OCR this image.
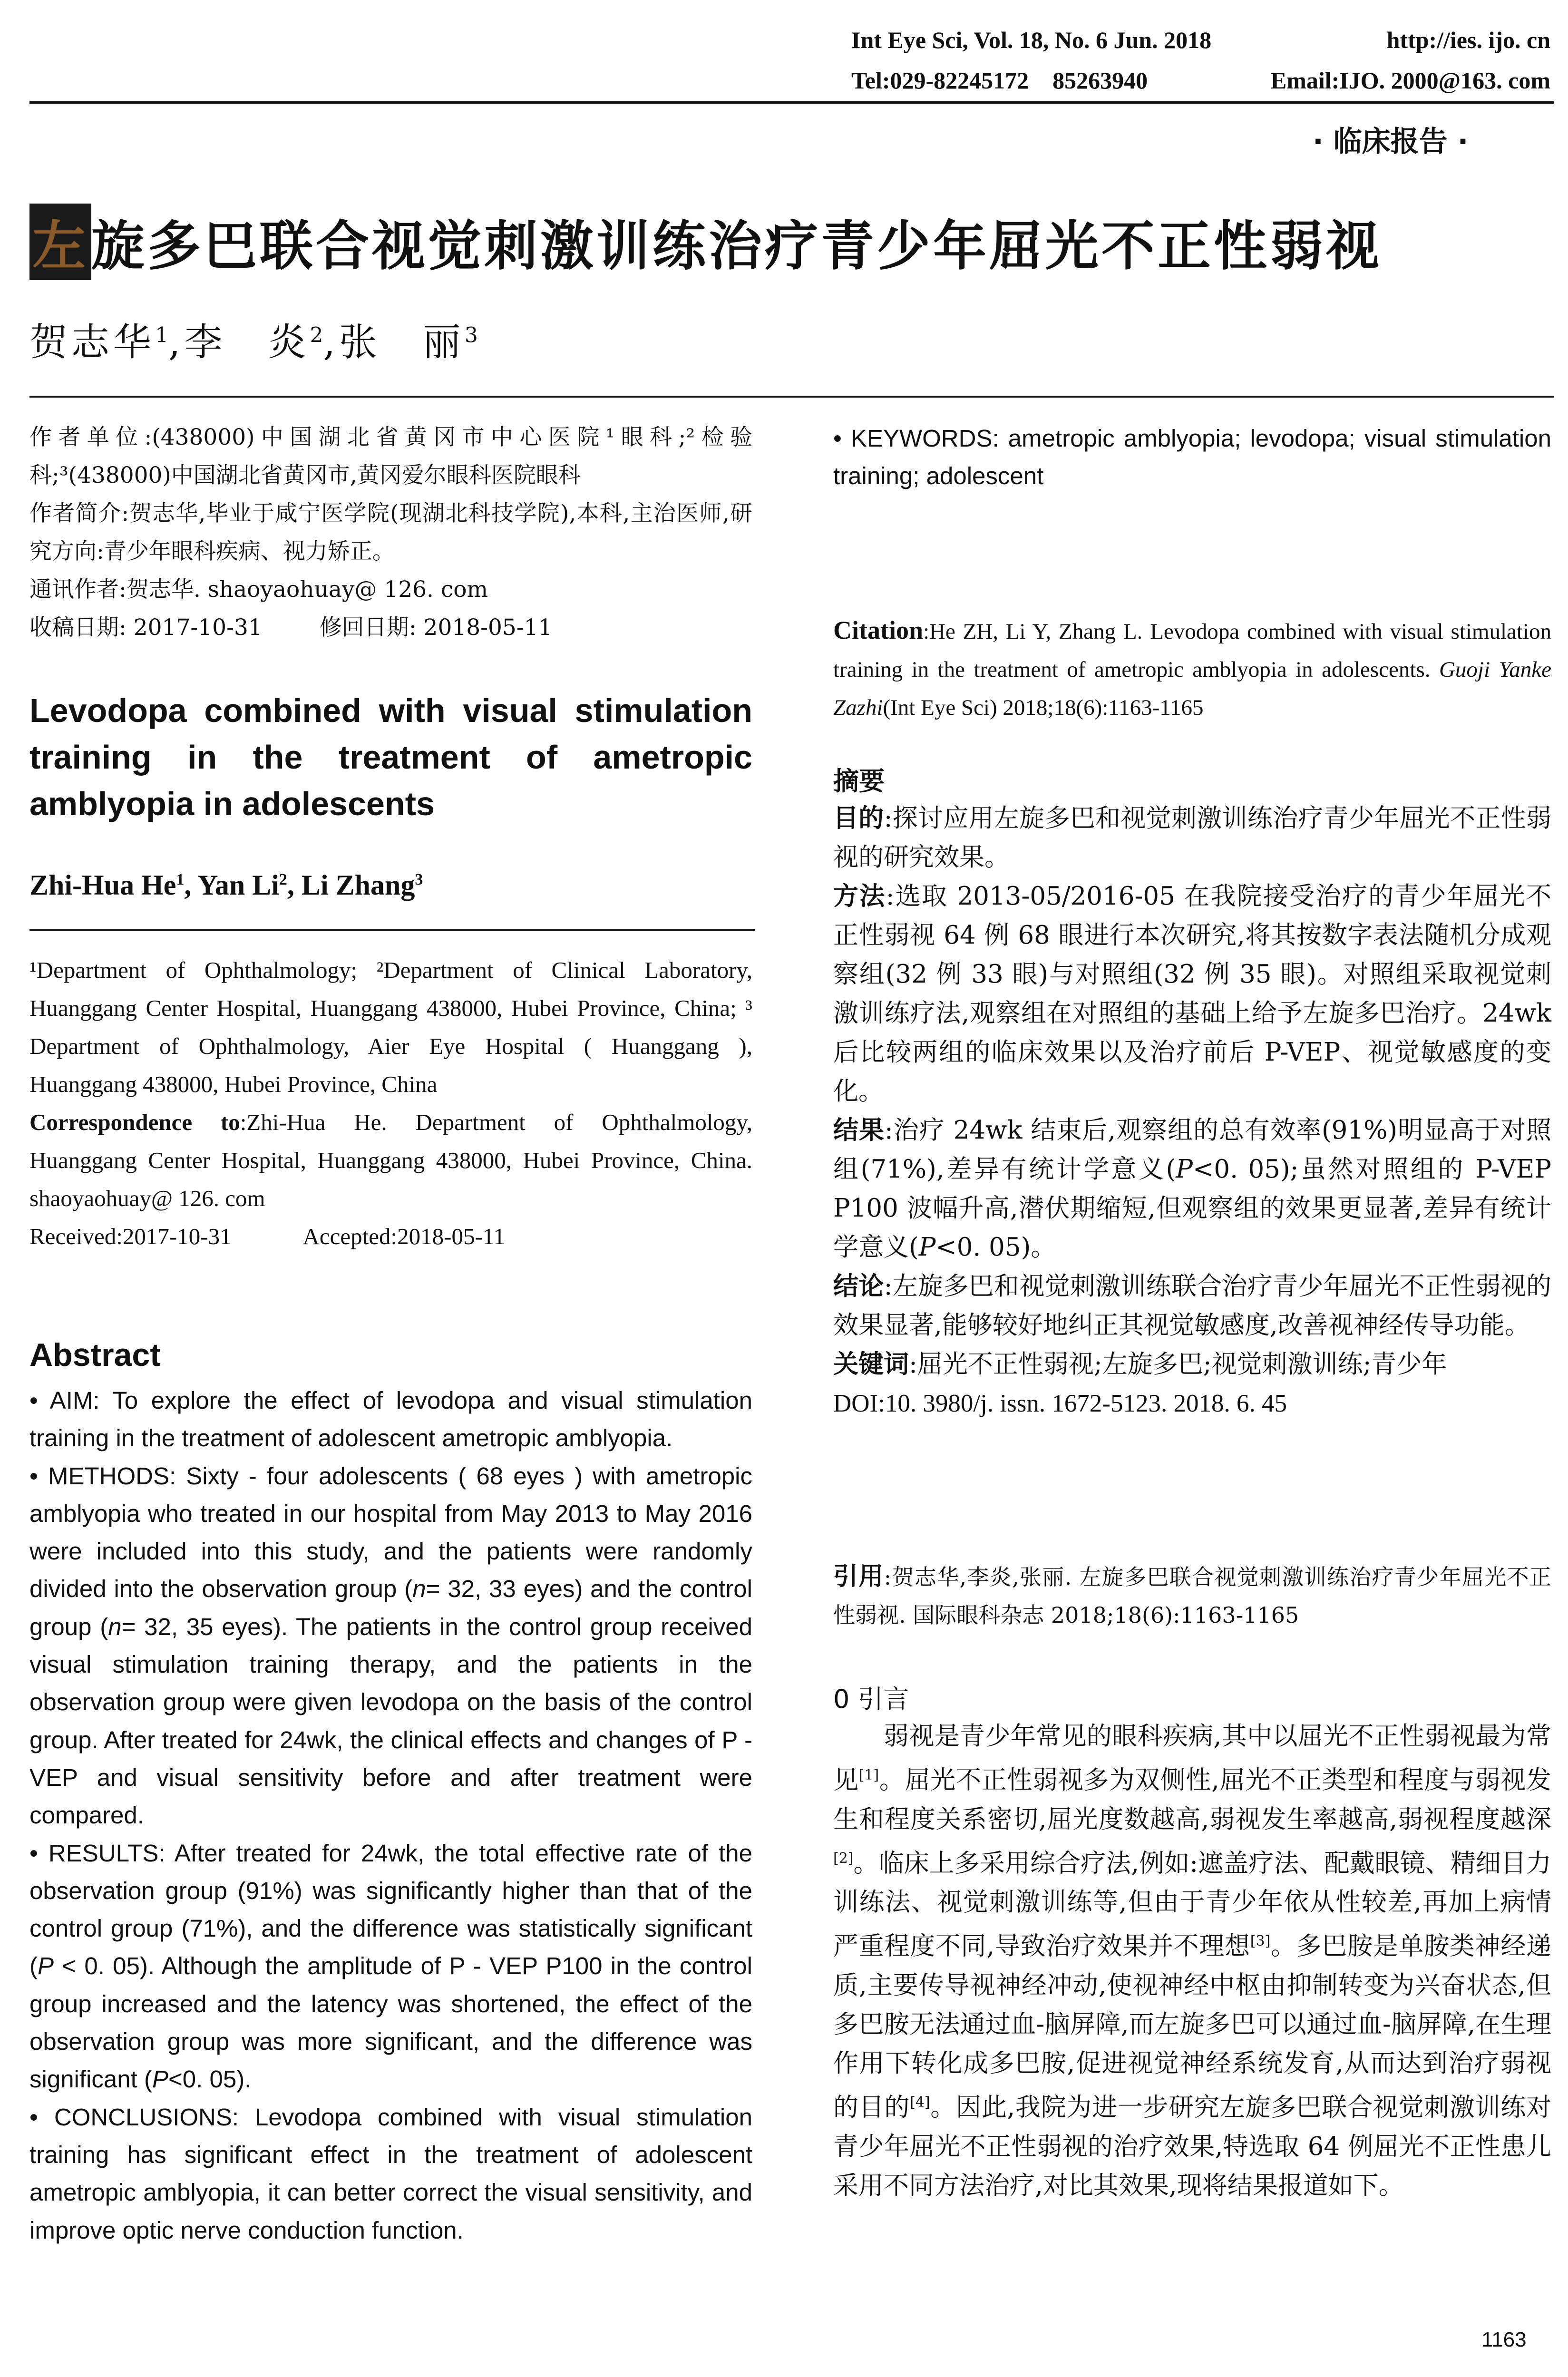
Int Eye Sci, Vol. 18, No. 6 Jun. 2018	http://ies. ijo. cn
Tel:029-82245172    85263940	Email:IJO. 2000@163. com
· 临床报告 ·
左旋多巴联合视觉刺激训练治疗青少年屈光不正性弱视
贺志华$^1$,李　炎$^2$,张　丽$^3$

作者单位:(438000)中国湖北省黄冈市中心医院¹眼科;²检验科;³(438000)中国湖北省黄冈市,黄冈爱尔眼科医院眼科

作者简介:贺志华,毕业于咸宁医学院(现湖北科技学院),本科,主治医师,研究方向:青少年眼科疾病、视力矫正。

通讯作者:贺志华. shaoyaohuay@ 126. com

收稿日期: 2017-10-31	修回日期: 2018-05-11

Levodopa combined with visual stimulation training in the treatment of ametropic amblyopia in adolescents
Zhi-Hua He$^1$, Yan Li$^2$, Li Zhang$^3$

¹Department of Ophthalmology; ²Department of Clinical Laboratory, Huanggang Center Hospital, Huanggang 438000, Hubei Province, China; ³ Department of Ophthalmology, Aier Eye Hospital ( Huanggang ), Huanggang 438000, Hubei Province, China

Correspondence to:Zhi-Hua He. Department of Ophthalmology, Huanggang Center Hospital, Huanggang 438000, Hubei Province, China. shaoyaohuay@ 126. com

Received:2017-10-31	Accepted:2018-05-11

Abstract

• AIM: To explore the effect of levodopa and visual stimulation training in the treatment of adolescent ametropic amblyopia.

• METHODS: Sixty - four adolescents ( 68 eyes ) with ametropic amblyopia who treated in our hospital from May 2013 to May 2016 were included into this study, and the patients were randomly divided into the observation group (n= 32, 33 eyes) and the control group (n= 32, 35 eyes). The patients in the control group received visual stimulation training therapy, and the patients in the observation group were given levodopa on the basis of the control group. After treated for 24wk, the clinical effects and changes of P - VEP and visual sensitivity before and after treatment were compared.

• RESULTS: After treated for 24wk, the total effective rate of the observation group (91%) was significantly higher than that of the control group (71%), and the difference was statistically significant (P < 0. 05). Although the amplitude of P - VEP P100 in the control group increased and the latency was shortened, the effect of the observation group was more significant, and the difference was significant (P<0. 05).

• CONCLUSIONS: Levodopa combined with visual stimulation training has significant effect in the treatment of adolescent ametropic amblyopia, it can better correct the visual sensitivity, and improve optic nerve conduction function.

• KEYWORDS: ametropic amblyopia; levodopa; visual stimulation training; adolescent

Citation:He ZH, Li Y, Zhang L. Levodopa combined with visual stimulation training in the treatment of ametropic amblyopia in adolescents. Guoji Yanke Zazhi(Int Eye Sci) 2018;18(6):1163-1165

摘要

目的:探讨应用左旋多巴和视觉刺激训练治疗青少年屈光不正性弱视的研究效果。

方法:选取 2013-05/2016-05 在我院接受治疗的青少年屈光不正性弱视 64 例 68 眼进行本次研究,将其按数字表法随机分成观察组(32 例 33 眼)与对照组(32 例 35 眼)。对照组采取视觉刺激训练疗法,观察组在对照组的基础上给予左旋多巴治疗。24wk 后比较两组的临床效果以及治疗前后 P-VEP、视觉敏感度的变化。

结果:治疗 24wk 结束后,观察组的总有效率(91%)明显高于对照组(71%),差异有统计学意义(P<0. 05);虽然对照组的 P-VEP P100 波幅升高,潜伏期缩短,但观察组的效果更显著,差异有统计学意义(P<0. 05)。

结论:左旋多巴和视觉刺激训练联合治疗青少年屈光不正性弱视的效果显著,能够较好地纠正其视觉敏感度,改善视神经传导功能。

关键词:屈光不正性弱视;左旋多巴;视觉刺激训练;青少年

DOI:10. 3980/j. issn. 1672-5123. 2018. 6. 45

引用:贺志华,李炎,张丽. 左旋多巴联合视觉刺激训练治疗青少年屈光不正性弱视. 国际眼科杂志 2018;18(6):1163-1165

0 引言

弱视是青少年常见的眼科疾病,其中以屈光不正性弱视最为常见[1]。屈光不正性弱视多为双侧性,屈光不正类型和程度与弱视发生和程度关系密切,屈光度数越高,弱视发生率越高,弱视程度越深[2]。临床上多采用综合疗法,例如:遮盖疗法、配戴眼镜、精细目力训练法、视觉刺激训练等,但由于青少年依从性较差,再加上病情严重程度不同,导致治疗效果并不理想[3]。多巴胺是单胺类神经递质,主要传导视神经冲动,使视神经中枢由抑制转变为兴奋状态,但多巴胺无法通过血-脑屏障,而左旋多巴可以通过血-脑屏障,在生理作用下转化成多巴胺,促进视觉神经系统发育,从而达到治疗弱视的目的[4]。因此,我院为进一步研究左旋多巴联合视觉刺激训练对青少年屈光不正性弱视的治疗效果,特选取 64 例屈光不正性患儿采用不同方法治疗,对比其效果,现将结果报道如下。

1163
